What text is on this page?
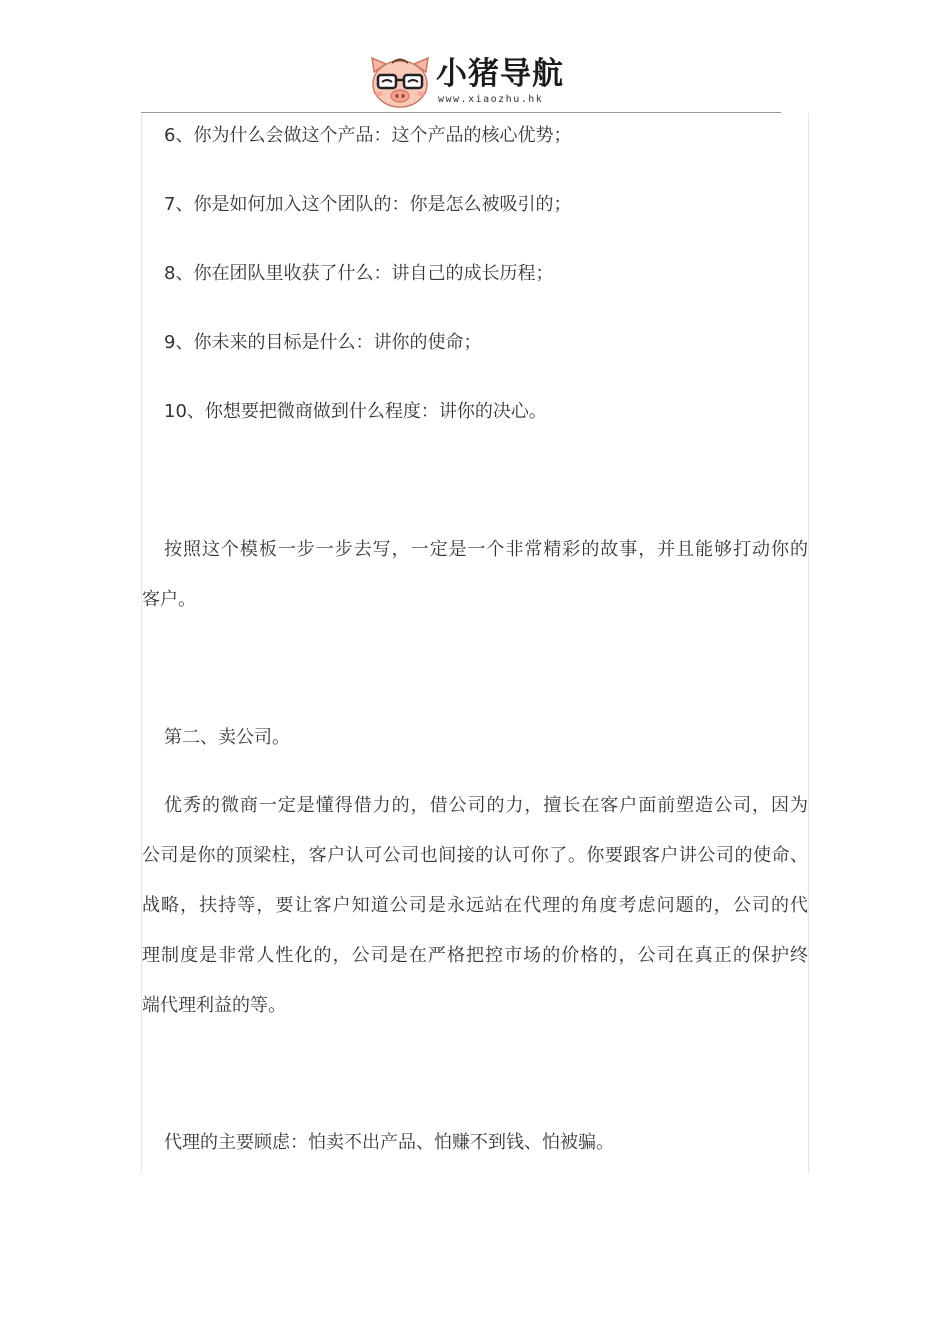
小猪导航
www.xiaozhu.hk
6、你为什么会做这个产品：这个产品的核心优势；
7、你是如何加入这个团队的：你是怎么被吸引的；
8、你在团队里收获了什么：讲自己的成长历程；
9、你未来的目标是什么：讲你的使命；
10、你想要把微商做到什么程度：讲你的决心。
按照这个模板一步一步去写，一定是一个非常精彩的故事，并且能够打动你的
客户。
第二、卖公司。
优秀的微商一定是懂得借力的，借公司的力，擅长在客户面前塑造公司，因为
公司是你的顶梁柱，客户认可公司也间接的认可你了。你要跟客户讲公司的使命、
战略，扶持等，要让客户知道公司是永远站在代理的角度考虑问题的，公司的代
理制度是非常人性化的，公司是在严格把控市场的价格的，公司在真正的保护终
端代理利益的等。
代理的主要顾虑：怕卖不出产品、怕赚不到钱、怕被骗。
